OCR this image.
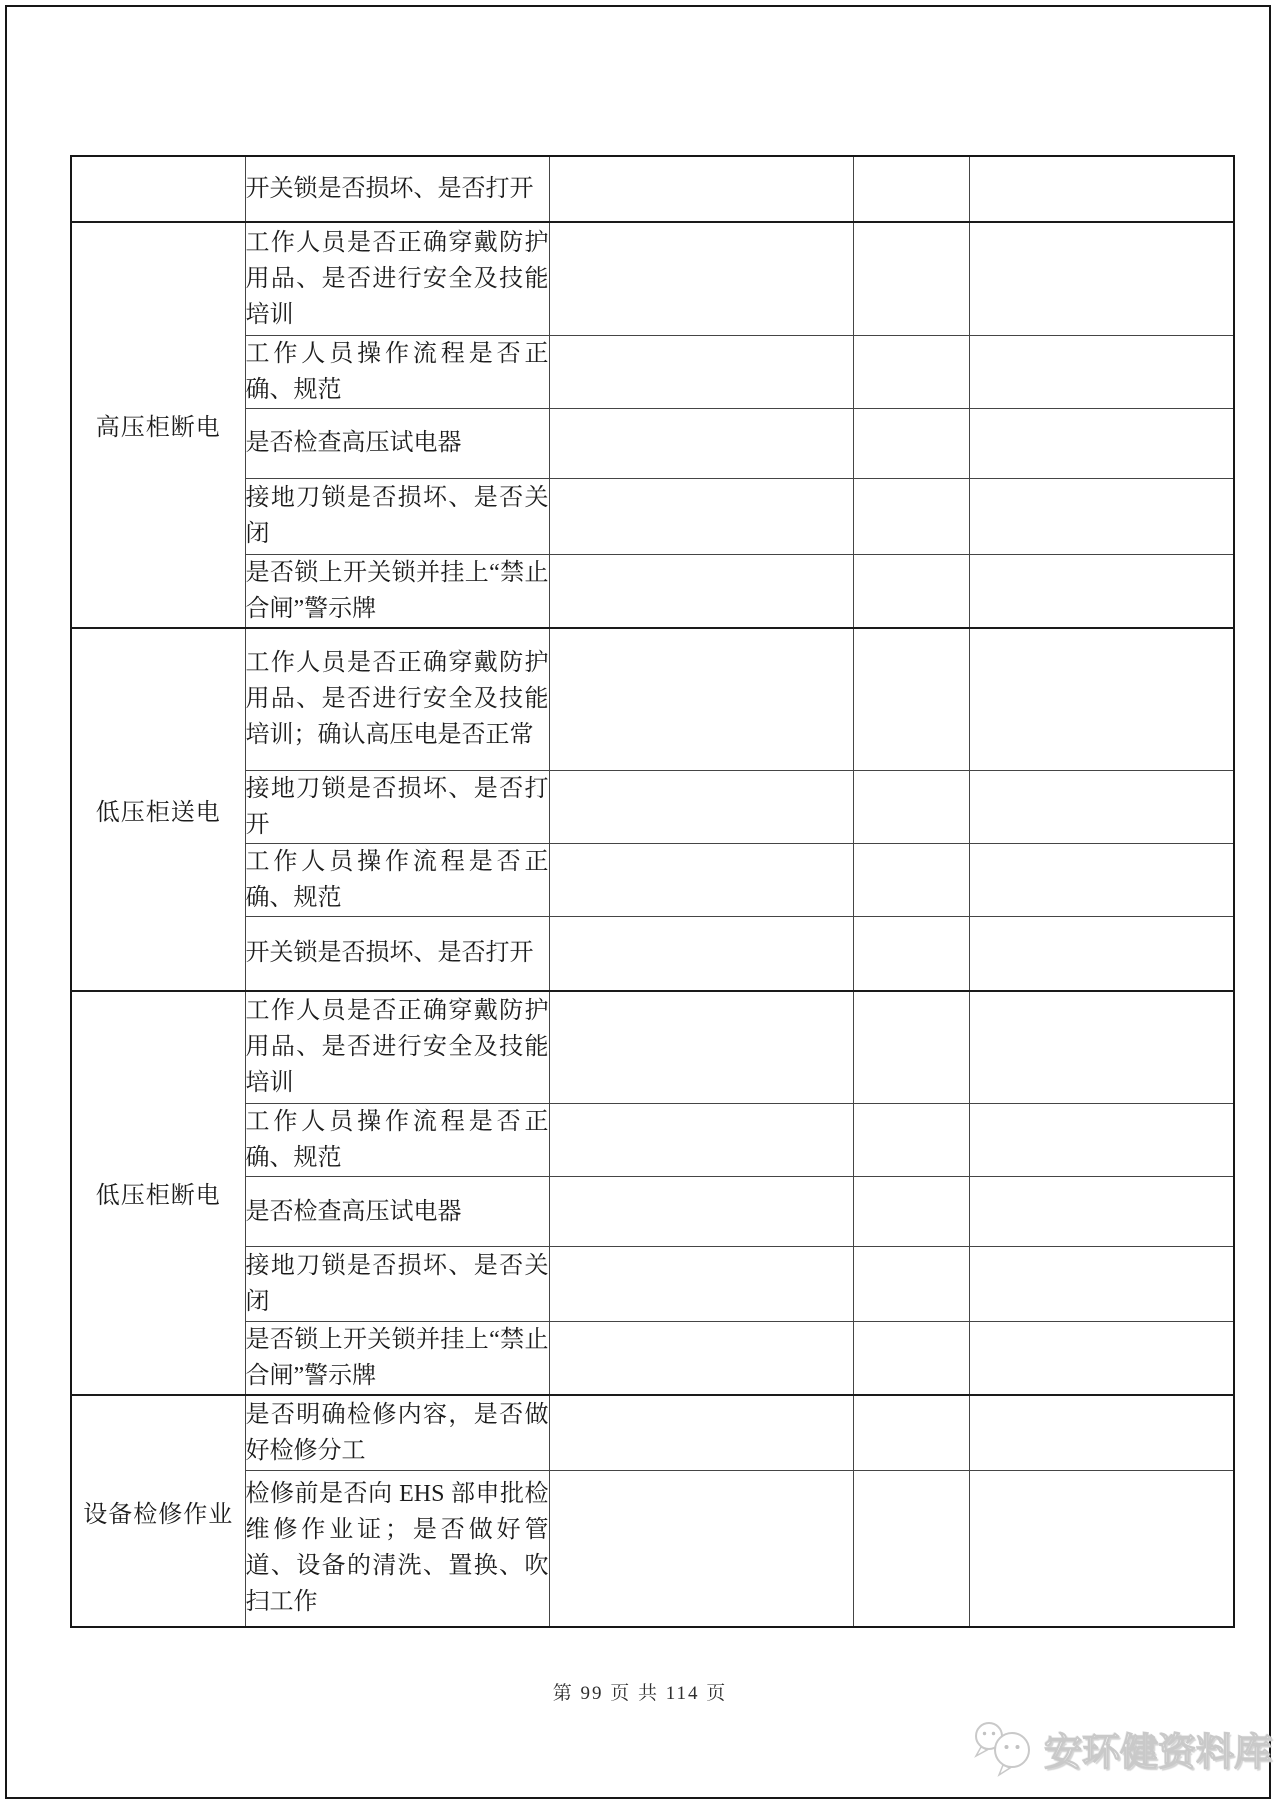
	开关锁是否损坏、是否打开			
高压柜断电	工作人员是否正确穿戴防护用品、是否进行安全及技能培训			
	工作人员操作流程是否正确、规范			
	是否检查高压试电器			
	接地刀锁是否损坏、是否关闭			
	是否锁上开关锁并挂上“禁止合闸”警示牌			
低压柜送电	工作人员是否正确穿戴防护用品、是否进行安全及技能培训；确认高压电是否正常			
	接地刀锁是否损坏、是否打开			
	工作人员操作流程是否正确、规范			
	开关锁是否损坏、是否打开			
低压柜断电	工作人员是否正确穿戴防护用品、是否进行安全及技能培训			
	工作人员操作流程是否正确、规范			
	是否检查高压试电器			
	接地刀锁是否损坏、是否关闭			
	是否锁上开关锁并挂上“禁止合闸”警示牌			
设备检修作业	是否明确检修内容，是否做好检修分工			
	检修前是否向 EHS 部申批检维修作业证；是否做好管道、设备的清洗、置换、吹扫工作			
第 99 页 共 114 页
安环健资料库
